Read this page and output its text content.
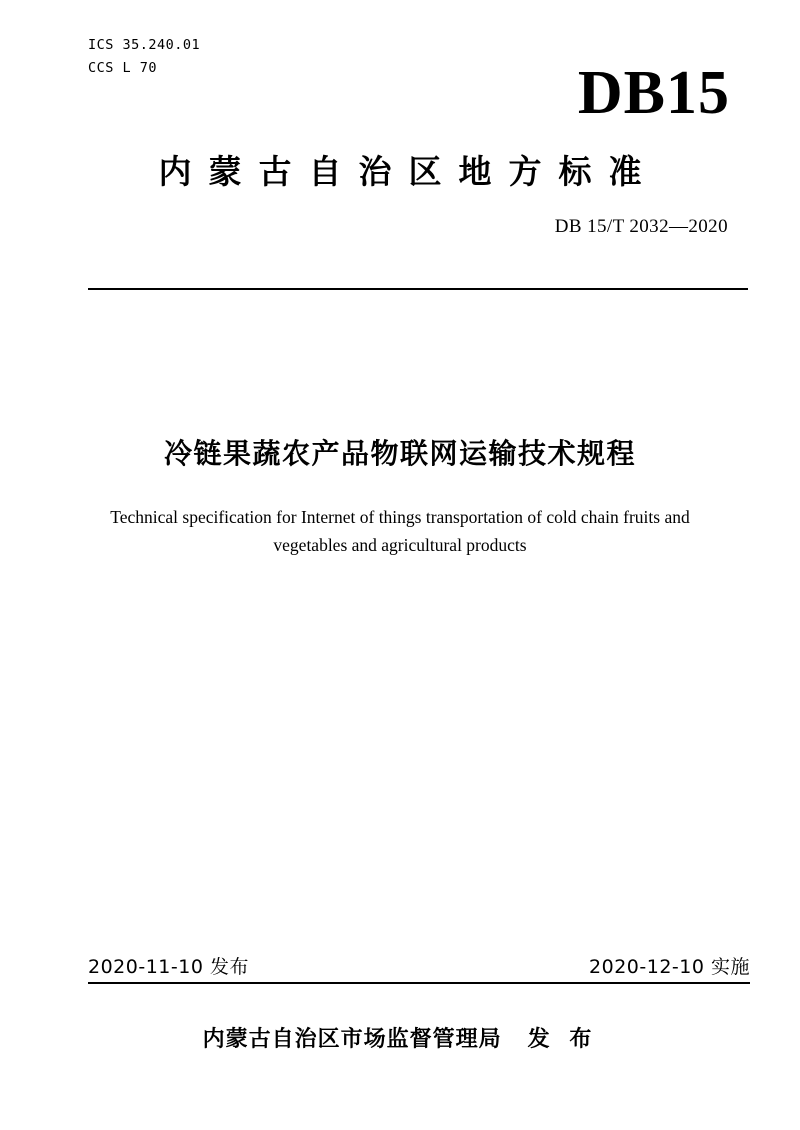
ICS 35.240.01
CCS L 70	DB15
内蒙古自治区地方标准
DB 15/T 2032—2020
冷链果蔬农产品物联网运输技术规程
Technical specification for Internet of things transportation of cold chain fruits and vegetables and agricultural products
2020-11-10 发布	2020-12-10 实施
内蒙古自治区市场监督管理局 发 布
